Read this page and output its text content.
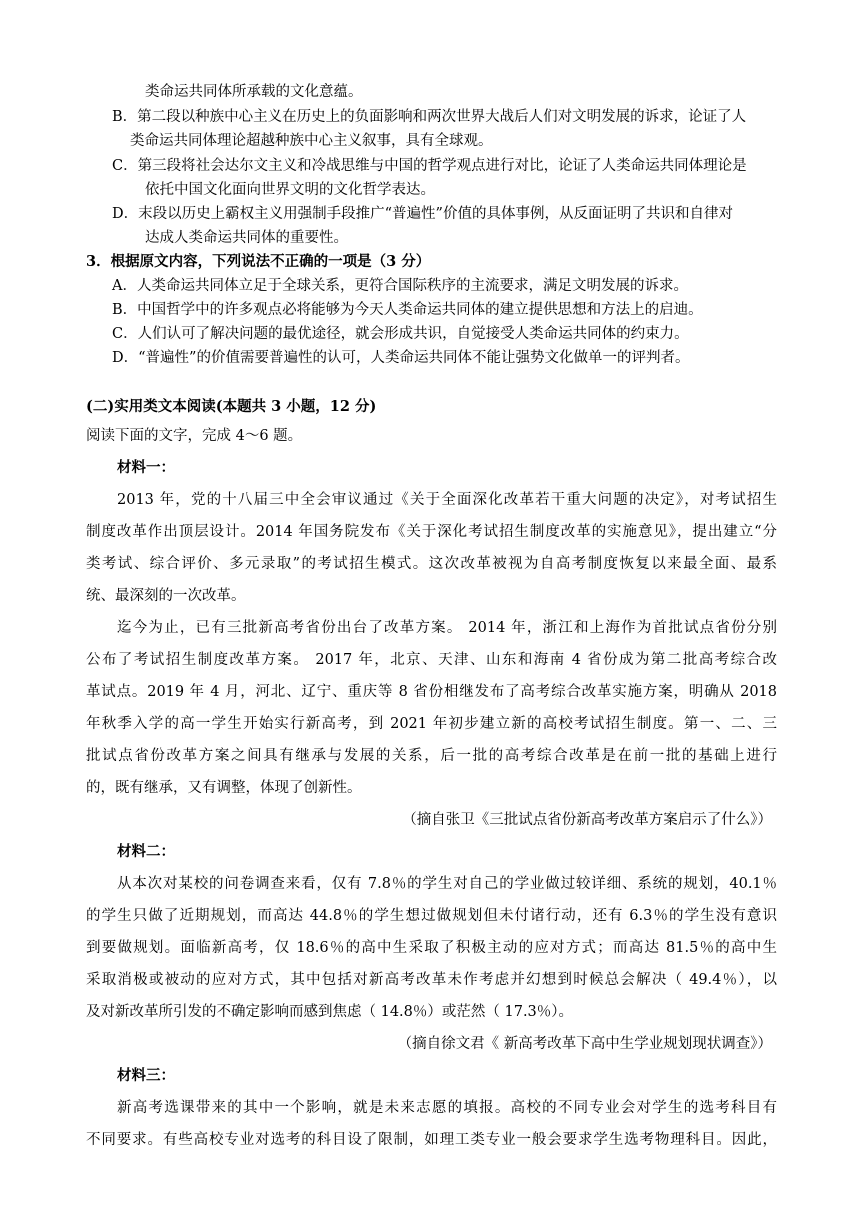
类命运共同体所承载的文化意蕴。
B．第二段以种族中心主义在历史上的负面影响和两次世界大战后人们对文明发展的诉求，论证了人
类命运共同体理论超越种族中心主义叙事，具有全球观。
C．第三段将社会达尔文主义和冷战思维与中国的哲学观点进行对比，论证了人类命运共同体理论是
依托中国文化面向世界文明的文化哲学表达。
D．末段以历史上霸权主义用强制手段推广“普遍性”价值的具体事例，从反面证明了共识和自律对
达成人类命运共同体的重要性。
3．根据原文内容，下列说法不正确的一项是（3 分）
A．人类命运共同体立足于全球关系，更符合国际秩序的主流要求，满足文明发展的诉求。
B．中国哲学中的许多观点必将能够为今天人类命运共同体的建立提供思想和方法上的启迪。
C．人们认可了解决问题的最优途径，就会形成共识，自觉接受人类命运共同体的约束力。
D．“普遍性”的价值需要普遍性的认可，人类命运共同体不能让强势文化做单一的评判者。
(二)实用类文本阅读(本题共 3 小题，12 分)
阅读下面的文字，完成 4～6 题。
材料一：
2013 年，党的十八届三中全会审议通过《关于全面深化改革若干重大问题的决定》，对考试招生
制度改革作出顶层设计。2014 年国务院发布《关于深化考试招生制度改革的实施意见》，提出建立“分
类考试、综合评价、多元录取”的考试招生模式。这次改革被视为自高考制度恢复以来最全面、最系
统、最深刻的一次改革。
迄今为止，已有三批新高考省份出台了改革方案。 2014 年，浙江和上海作为首批试点省份分别
公布了考试招生制度改革方案。 2017 年，北京、天津、山东和海南 4 省份成为第二批高考综合改
革试点。2019 年 4 月，河北、辽宁、重庆等 8 省份相继发布了高考综合改革实施方案，明确从 2018
年秋季入学的高一学生开始实行新高考，到 2021 年初步建立新的高校考试招生制度。第一、二、三
批试点省份改革方案之间具有继承与发展的关系，后一批的高考综合改革是在前一批的基础上进行
的，既有继承，又有调整，体现了创新性。
（摘自张卫《三批试点省份新高考改革方案启示了什么》）
材料二：
从本次对某校的问卷调查来看，仅有 7.8％的学生对自己的学业做过较详细、系统的规划，40.1％
的学生只做了近期规划，而高达 44.8％的学生想过做规划但未付诸行动，还有 6.3％的学生没有意识
到要做规划。面临新高考，仅 18.6％的高中生采取了积极主动的应对方式；而高达 81.5％的高中生
采取消极或被动的应对方式，其中包括对新高考改革未作考虑并幻想到时候总会解决（ 49.4％），以
及对新改革所引发的不确定影响而感到焦虑（ 14.8％）或茫然（ 17.3％）。
（摘自徐文君《 新高考改革下高中生学业规划现状调查》）
材料三：
新高考选课带来的其中一个影响，就是未来志愿的填报。高校的不同专业会对学生的选考科目有
不同要求。有些高校专业对选考的科目设了限制，如理工类专业一般会要求学生选考物理科目。因此，
